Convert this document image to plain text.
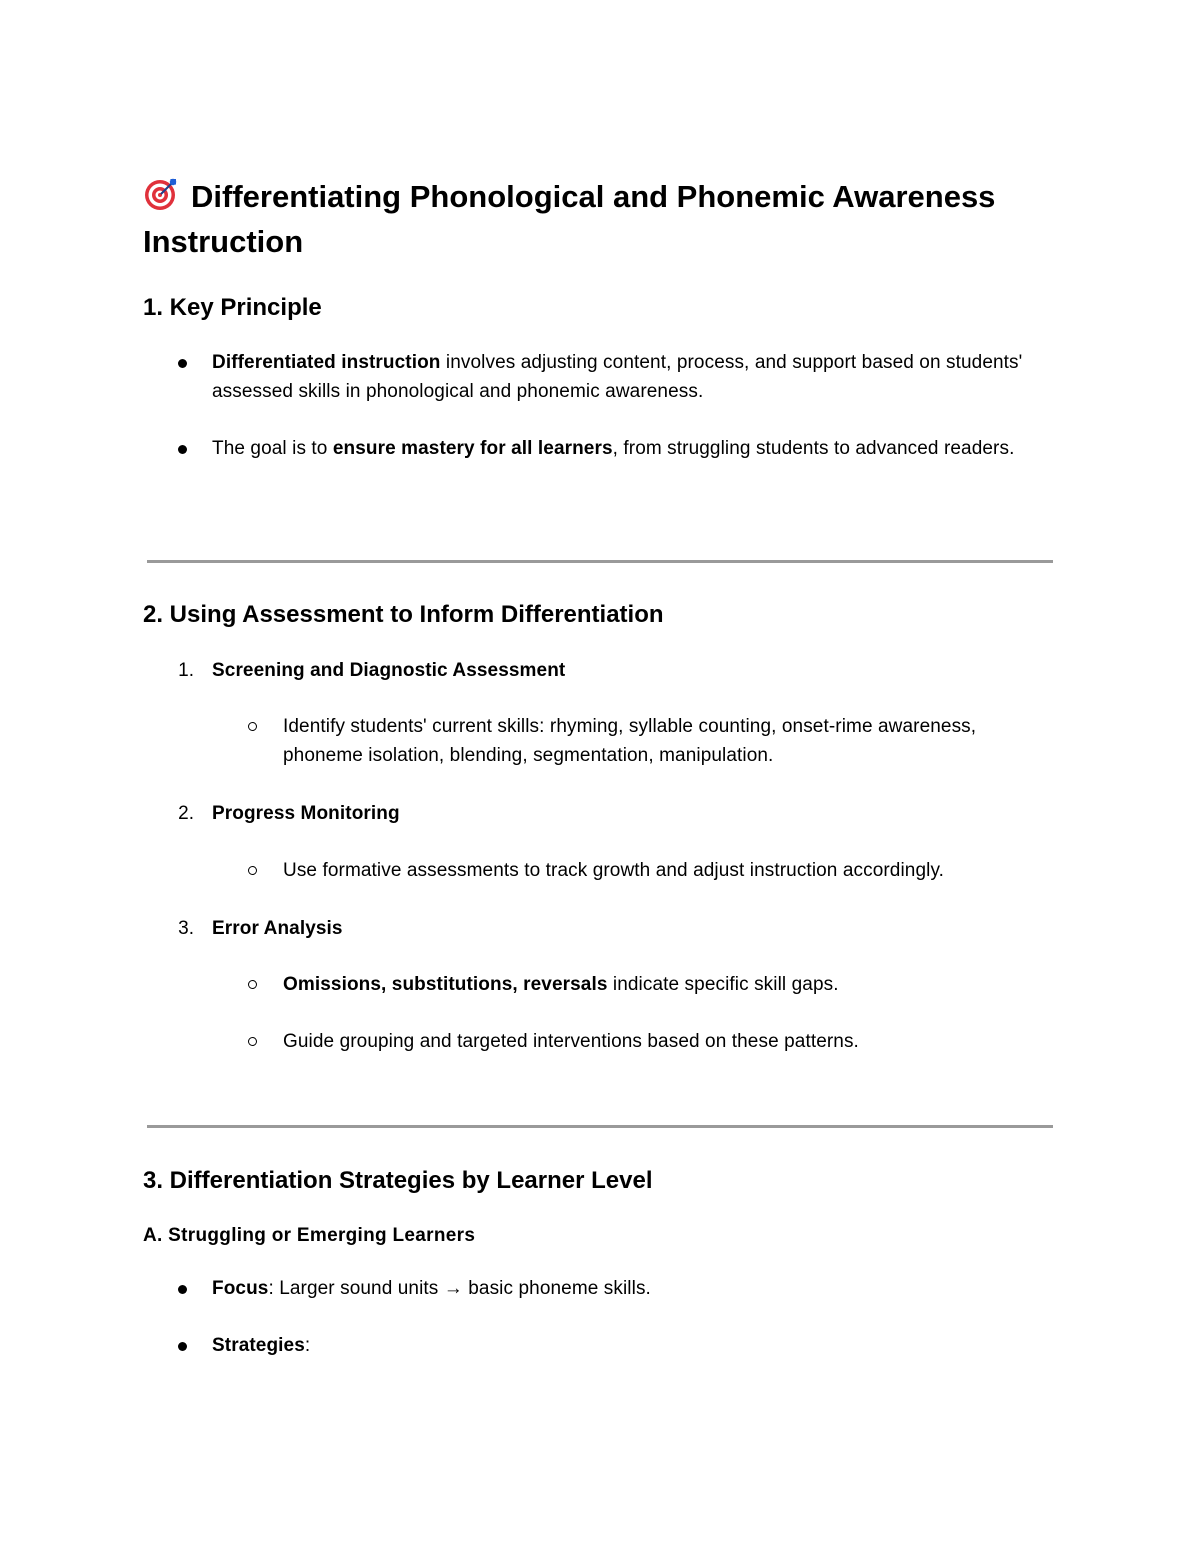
Differentiating Phonological and Phonemic Awareness Instruction
1. Key Principle
Differentiated instruction involves adjusting content, process, and support based on students' assessed skills in phonological and phonemic awareness.
The goal is to ensure mastery for all learners, from struggling students to advanced readers.
2. Using Assessment to Inform Differentiation
1. Screening and Diagnostic Assessment
Identify students' current skills: rhyming, syllable counting, onset-rime awareness, phoneme isolation, blending, segmentation, manipulation.
2. Progress Monitoring
Use formative assessments to track growth and adjust instruction accordingly.
3. Error Analysis
Omissions, substitutions, reversals indicate specific skill gaps.
Guide grouping and targeted interventions based on these patterns.
3. Differentiation Strategies by Learner Level
A. Struggling or Emerging Learners
Focus: Larger sound units → basic phoneme skills.
Strategies:
